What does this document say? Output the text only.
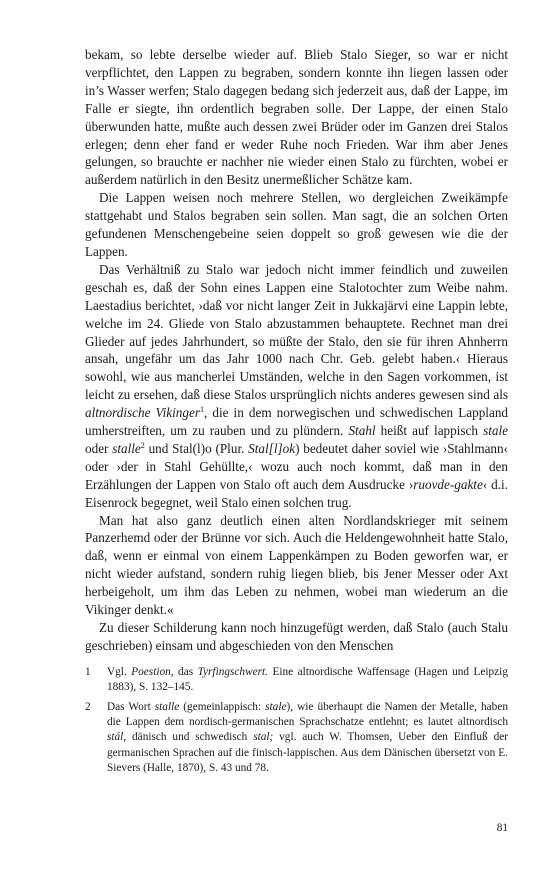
bekam, so lebte derselbe wieder auf. Blieb Stalo Sieger, so war er nicht verpflichtet, den Lappen zu begraben, sondern konnte ihn liegen lassen oder in’s Wasser werfen; Stalo dagegen bedang sich jederzeit aus, daß der Lappe, im Falle er siegte, ihn ordentlich begraben solle. Der Lappe, der einen Stalo überwunden hatte, mußte auch dessen zwei Brüder oder im Ganzen drei Stalos erlegen; denn eher fand er weder Ruhe noch Frieden. War ihm aber Jenes gelungen, so brauchte er nachher nie wieder einen Stalo zu fürchten, wobei er außerdem natürlich in den Besitz unermeßlicher Schätze kam.

Die Lappen weisen noch mehrere Stellen, wo dergleichen Zweikämpfe stattgehabt und Stalos begraben sein sollen. Man sagt, die an solchen Orten gefundenen Menschengebeine seien doppelt so groß gewesen wie die der Lappen.

Das Verhältniß zu Stalo war jedoch nicht immer feindlich und zuweilen geschah es, daß der Sohn eines Lappen eine Stalotochter zum Weibe nahm. Laestadius berichtet, ›daß vor nicht langer Zeit in Jukkajärvi eine Lappin lebte, welche im 24. Gliede von Stalo abzustammen behauptete. Rechnet man drei Glieder auf jedes Jahrhundert, so müßte der Stalo, den sie für ihren Ahnherrn ansah, ungefähr um das Jahr 1000 nach Chr. Geb. gelebt haben.‹ Hieraus sowohl, wie aus mancherlei Umständen, welche in den Sagen vorkommen, ist leicht zu ersehen, daß diese Stalos ursprünglich nichts anderes gewesen sind als altnordische Vikinger$^1$, die in dem norwegischen und schwedischen Lappland umherstreiften, um zu rauben und zu plündern. Stahl heißt auf lappisch stale oder stalle$^2$ und Stal(l)o (Plur. Stal[l]ok) bedeutet daher soviel wie ›Stahlmann‹ oder ›der in Stahl Gehüllte,‹ wozu auch noch kommt, daß man in den Erzählungen der Lappen von Stalo oft auch dem Ausdrucke ›ruovde-gakte‹ d.i. Eisenrock begegnet, weil Stalo einen solchen trug.

Man hat also ganz deutlich einen alten Nordlandskrieger mit seinem Panzerhemd oder der Brünne vor sich. Auch die Heldengewohnheit hatte Stalo, daß, wenn er einmal von einem Lappenkämpen zu Boden geworfen war, er nicht wieder aufstand, sondern ruhig liegen blieb, bis Jener Messer oder Axt herbeigeholt, um ihm das Leben zu nehmen, wobei man wiederum an die Vikinger denkt.«

Zu dieser Schilderung kann noch hinzugefügt werden, daß Stalo (auch Stalu geschrieben) einsam und abgeschieden von den Menschen

1	Vgl. Poestion, das Tyrfingschwert. Eine altnordische Waffensage (Hagen und Leipzig 1883), S. 132–145.
2	Das Wort stalle (gemeinlappisch: stale), wie überhaupt die Namen der Metalle, haben die Lappen dem nordisch-germanischen Sprachschatze entlehnt; es lautet altnordisch stál, dänisch und schwedisch stal; vgl. auch W. Thomsen, Ueber den Einfluß der germanischen Sprachen auf die finisch-lappischen. Aus dem Dänischen übersetzt von E. Sievers (Halle, 1870), S. 43 und 78.
81
